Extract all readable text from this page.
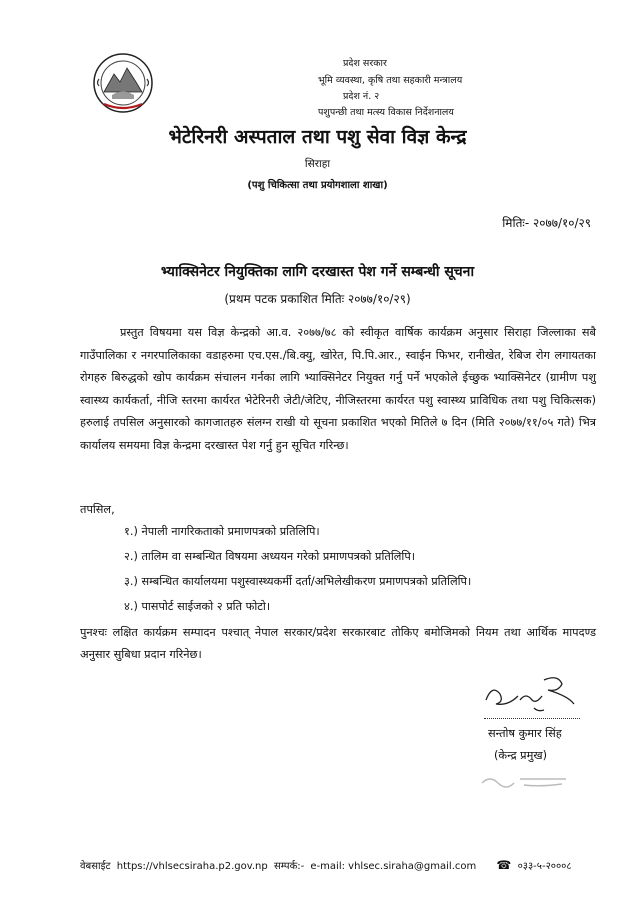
प्रदेश सरकार
भूमि व्यवस्था, कृषि तथा सहकारी मन्त्रालय
प्रदेश नं. २
पशुपन्छी तथा मत्स्य विकास निर्देशनालय
भेटेरिनरी अस्पताल तथा पशु सेवा विज्ञ केन्द्र
सिराहा
(पशु चिकित्सा तथा प्रयोगशाला शाखा)
मितिः- २०७७/१०/२९
भ्याक्सिनेटर नियुक्तिका लागि दरखास्त पेश गर्ने सम्बन्धी सूचना
(प्रथम पटक प्रकाशित मितिः २०७७/१०/२९)

प्रस्तुत विषयमा यस विज्ञ केन्द्रको आ.व. २०७७/७८ को स्वीकृत वार्षिक कार्यक्रम अनुसार सिराहा जिल्लाका सबै गाउँपालिका र नगरपालिकाका वडाहरुमा एच.एस./बि.क्यु, खोरेत, पि.पि.आर., स्वाईन फिभर, रानीखेत, रेबिज रोग लगायतका रोगहरु बिरुद्धको खोप कार्यक्रम संचालन गर्नका लागि भ्याक्सिनेटर नियुक्त गर्नु पर्ने भएकोले ईच्छुक भ्याक्सिनेटर (ग्रामीण पशु स्वास्थ्य कार्यकर्ता, नीजि स्तरमा कार्यरत भेटेरिनरी जेटी/जेटिए, नीजिस्तरमा कार्यरत पशु स्वास्थ्य प्राविधिक तथा पशु चिकित्सक) हरुलाई तपसिल अनुसारको कागजातहरु संलग्न राखी यो सूचना प्रकाशित भएको मितिले ७ दिन (मिति २०७७/११/०५ गते) भित्र कार्यालय समयमा विज्ञ केन्द्रमा दरखास्त पेश गर्नु हुन सूचित गरिन्छ।

तपसिल,
१.) नेपाली नागरिकताको प्रमाणपत्रको प्रतिलिपि।
२.) तालिम वा सम्बन्धित विषयमा अध्ययन गरेको प्रमाणपत्रको प्रतिलिपि।
३.) सम्बन्धित कार्यालयमा पशुस्वास्थ्यकर्मी दर्ता/अभिलेखीकरण प्रमाणपत्रको प्रतिलिपि।
४.) पासपोर्ट साईजको २ प्रति फोटो।

पुनश्चः लक्षित कार्यक्रम सम्पादन पश्चात् नेपाल सरकार/प्रदेश सरकारबाट तोकिए बमोजिमको नियम तथा आर्थिक मापदण्ड अनुसार सुबिधा प्रदान गरिनेछ।

सन्तोष कुमार सिंह
(केन्द्र प्रमुख)
वेबसाईट https://vhlsecsiraha.p2.gov.np सम्पर्क:- e-mail: vhlsec.siraha@gmail.com ☎ ०३३-५-२०००८
